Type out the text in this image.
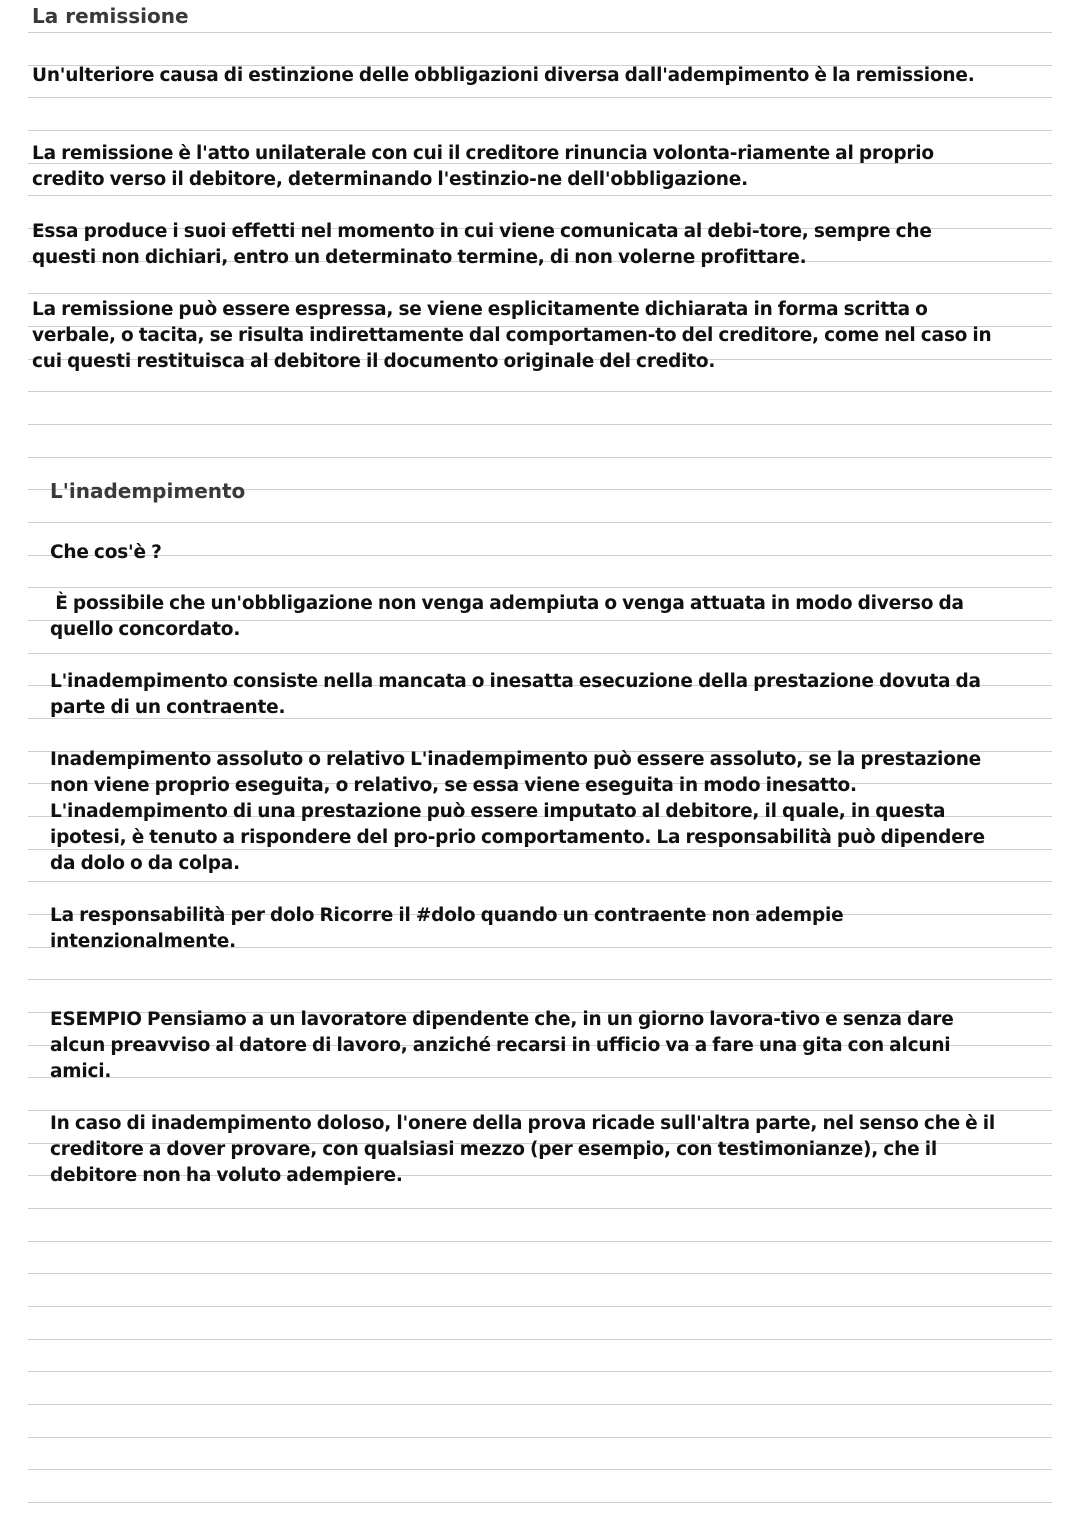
La remissione

Un'ulteriore causa di estinzione delle obbligazioni diversa dall'adempimento è la remissione.

La remissione è l'atto unilaterale con cui il creditore rinuncia volonta-riamente al proprio credito verso il debitore, determinando l'estinzio-ne dell'obbligazione.

Essa produce i suoi effetti nel momento in cui viene comunicata al debi-tore, sempre che questi non dichiari, entro un determinato termine, di non volerne profittare.

La remissione può essere espressa, se viene esplicitamente dichiarata in forma scritta o verbale, o tacita, se risulta indirettamente dal comportamen-to del creditore, come nel caso in cui questi restituisca al debitore il documento originale del credito.

L'inadempimento

Che cos'è ?

È possibile che un'obbligazione non venga adempiuta o venga attuata in modo diverso da quello concordato.

L'inadempimento consiste nella mancata o inesatta esecuzione della prestazione dovuta da parte di un contraente.

Inadempimento assoluto o relativo L'inadempimento può essere assoluto, se la prestazione non viene proprio eseguita, o relativo, se essa viene eseguita in modo inesatto. L'inadempimento di una prestazione può essere imputato al debitore, il quale, in questa ipotesi, è tenuto a rispondere del pro-prio comportamento. La responsabilità può dipendere da dolo o da colpa.

La responsabilità per dolo Ricorre il #dolo quando un contraente non adempie intenzionalmente.

ESEMPIO Pensiamo a un lavoratore dipendente che, in un giorno lavora-tivo e senza dare alcun preavviso al datore di lavoro, anziché recarsi in ufficio va a fare una gita con alcuni amici.

In caso di inadempimento doloso, l'onere della prova ricade sull'altra parte, nel senso che è il creditore a dover provare, con qualsiasi mezzo (per esempio, con testimonianze), che il debitore non ha voluto adempiere.
